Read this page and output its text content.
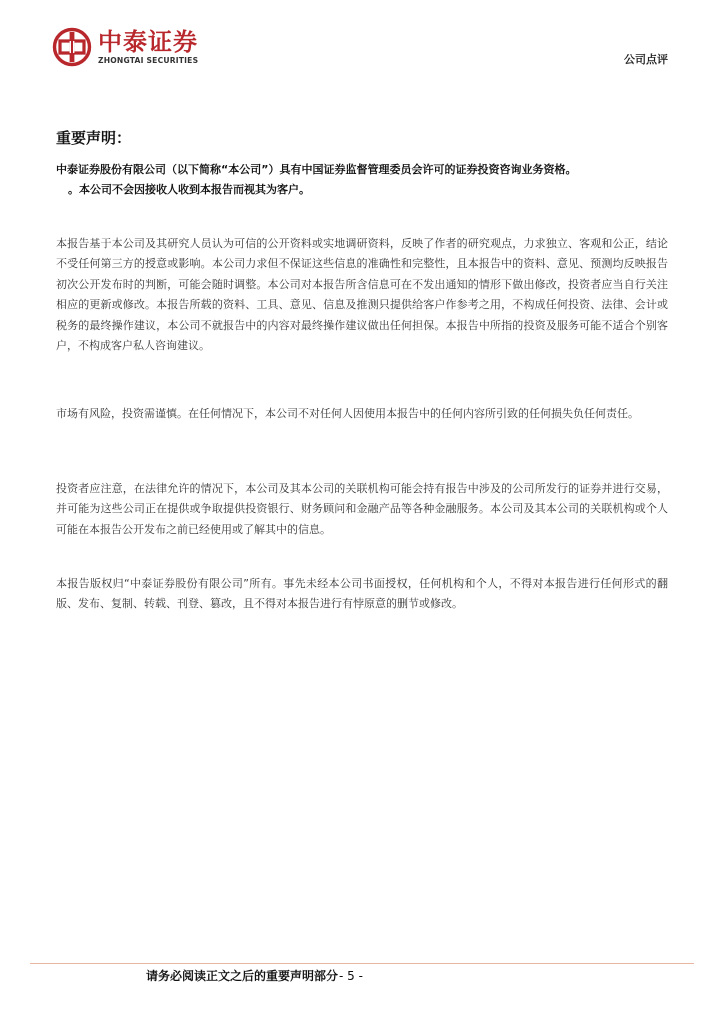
中泰证券
ZHONGTAI SECURITIES	公司点评
重要声明：

中泰证券股份有限公司（以下简称“本公司”）具有中国证券监督管理委员会许可的证券投资咨询业务资格。

。本公司不会因接收人收到本报告而视其为客户。

本报告基于本公司及其研究人员认为可信的公开资料或实地调研资料，反映了作者的研究观点，力求独立、客观和公正，结论不受任何第三方的授意或影响。本公司力求但不保证这些信息的准确性和完整性，且本报告中的资料、意见、预测均反映报告初次公开发布时的判断，可能会随时调整。本公司对本报告所含信息可在不发出通知的情形下做出修改，投资者应当自行关注相应的更新或修改。本报告所载的资料、工具、意见、信息及推测只提供给客户作参考之用，不构成任何投资、法律、会计或税务的最终操作建议，本公司不就报告中的内容对最终操作建议做出任何担保。本报告中所指的投资及服务可能不适合个别客户，不构成客户私人咨询建议。

市场有风险，投资需谨慎。在任何情况下，本公司不对任何人因使用本报告中的任何内容所引致的任何损失负任何责任。

投资者应注意，在法律允许的情况下，本公司及其本公司的关联机构可能会持有报告中涉及的公司所发行的证券并进行交易，并可能为这些公司正在提供或争取提供投资银行、财务顾问和金融产品等各种金融服务。本公司及其本公司的关联机构或个人可能在本报告公开发布之前已经使用或了解其中的信息。

本报告版权归“中泰证券股份有限公司”所有。事先未经本公司书面授权，任何机构和个人，不得对本报告进行任何形式的翻版、发布、复制、转载、刊登、篡改，且不得对本报告进行有悖原意的删节或修改。

请务必阅读正文之后的重要声明部分- 5 -
